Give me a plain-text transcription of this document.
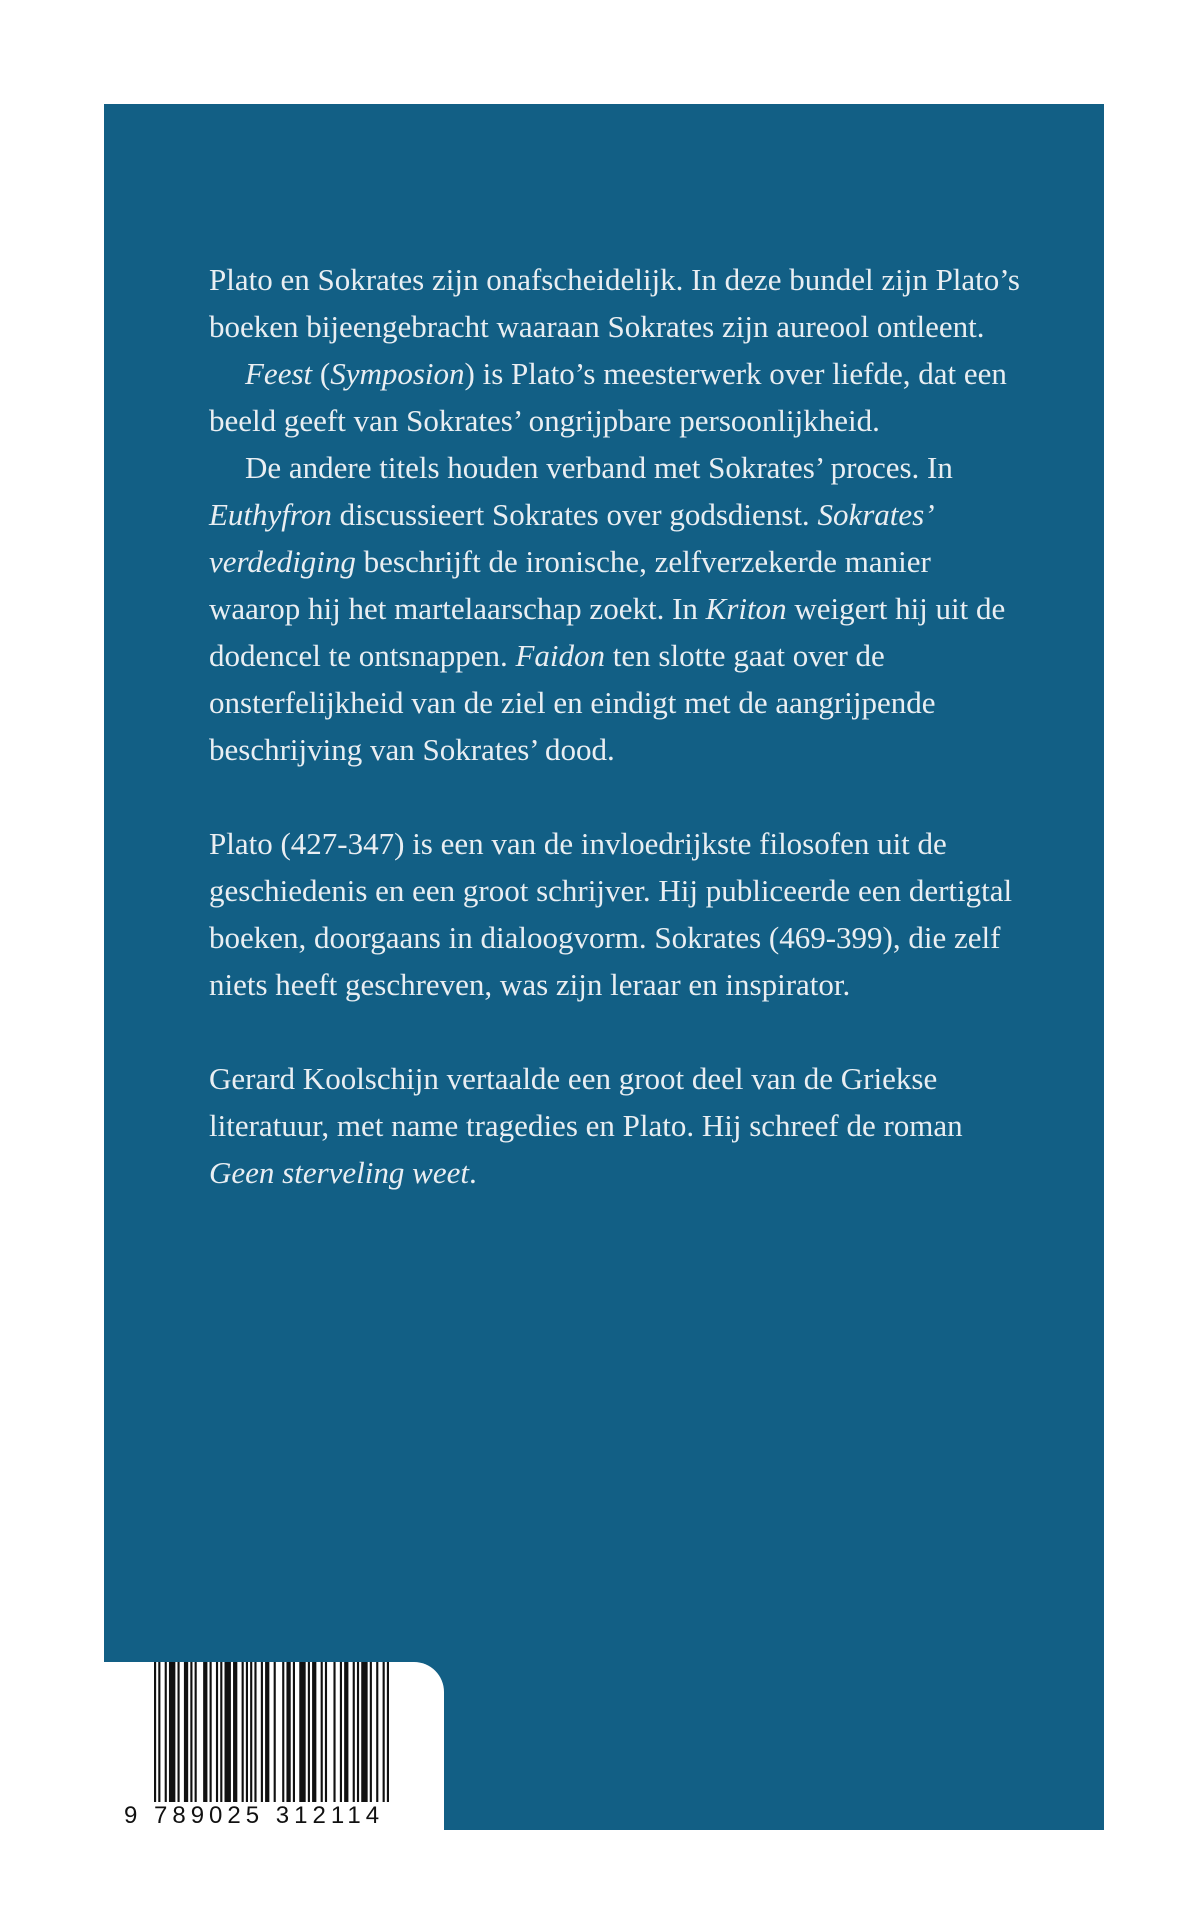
Plato en Sokrates zijn onafscheidelijk. In deze bundel zijn Plato’s boeken bijeengebracht waaraan Sokrates zijn aureool ontleent.

Feest (Symposion) is Plato’s meesterwerk over liefde, dat een beeld geeft van Sokrates’ ongrijpbare persoonlijkheid.

De andere titels houden verband met Sokrates’ proces. In Euthyfron discussieert Sokrates over godsdienst. Sokrates’ verdediging beschrijft de ironische, zelfverzekerde manier waarop hij het martelaarschap zoekt. In Kriton weigert hij uit de dodencel te ontsnappen. Faidon ten slotte gaat over de onsterfelijkheid van de ziel en eindigt met de aangrijpende beschrijving van Sokrates’ dood.

Plato (427-347) is een van de invloedrijkste filosofen uit de geschiedenis en een groot schrijver. Hij publiceerde een dertigtal boeken, doorgaans in dialoogvorm. Sokrates (469-399), die zelf niets heeft geschreven, was zijn leraar en inspirator.

Gerard Koolschijn vertaalde een groot deel van de Griekse literatuur, met name tragedies en Plato. Hij schreef de roman Geen sterveling weet.

9 789025 312114
